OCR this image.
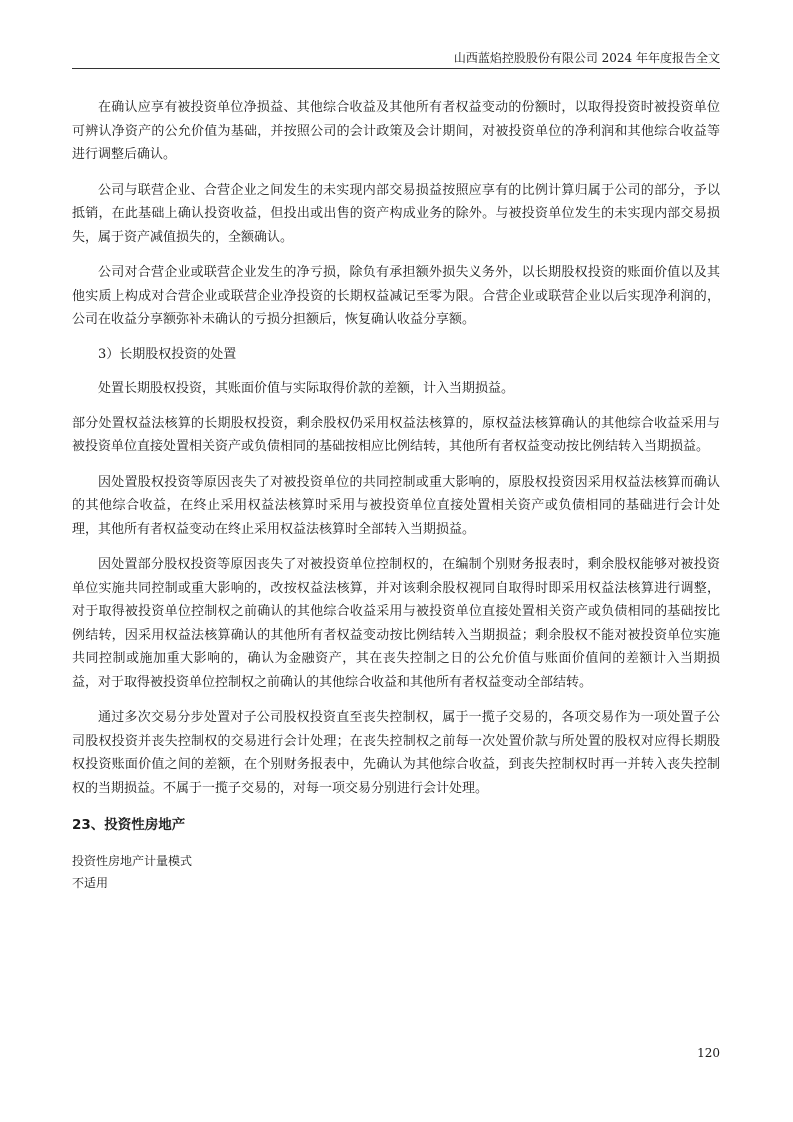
山西蓝焰控股股份有限公司 2024 年年度报告全文

在确认应享有被投资单位净损益、其他综合收益及其他所有者权益变动的份额时，以取得投资时被投资单位可辨认净资产的公允价值为基础，并按照公司的会计政策及会计期间，对被投资单位的净利润和其他综合收益等进行调整后确认。

公司与联营企业、合营企业之间发生的未实现内部交易损益按照应享有的比例计算归属于公司的部分，予以抵销，在此基础上确认投资收益，但投出或出售的资产构成业务的除外。与被投资单位发生的未实现内部交易损失，属于资产减值损失的，全额确认。

公司对合营企业或联营企业发生的净亏损，除负有承担额外损失义务外，以长期股权投资的账面价值以及其他实质上构成对合营企业或联营企业净投资的长期权益减记至零为限。合营企业或联营企业以后实现净利润的，公司在收益分享额弥补未确认的亏损分担额后，恢复确认收益分享额。

3）长期股权投资的处置

处置长期股权投资，其账面价值与实际取得价款的差额，计入当期损益。

部分处置权益法核算的长期股权投资，剩余股权仍采用权益法核算的，原权益法核算确认的其他综合收益采用与被投资单位直接处置相关资产或负债相同的基础按相应比例结转，其他所有者权益变动按比例结转入当期损益。

因处置股权投资等原因丧失了对被投资单位的共同控制或重大影响的，原股权投资因采用权益法核算而确认的其他综合收益，在终止采用权益法核算时采用与被投资单位直接处置相关资产或负债相同的基础进行会计处理，其他所有者权益变动在终止采用权益法核算时全部转入当期损益。

因处置部分股权投资等原因丧失了对被投资单位控制权的，在编制个别财务报表时，剩余股权能够对被投资单位实施共同控制或重大影响的，改按权益法核算，并对该剩余股权视同自取得时即采用权益法核算进行调整，对于取得被投资单位控制权之前确认的其他综合收益采用与被投资单位直接处置相关资产或负债相同的基础按比例结转，因采用权益法核算确认的其他所有者权益变动按比例结转入当期损益；剩余股权不能对被投资单位实施共同控制或施加重大影响的，确认为金融资产，其在丧失控制之日的公允价值与账面价值间的差额计入当期损益，对于取得被投资单位控制权之前确认的其他综合收益和其他所有者权益变动全部结转。

通过多次交易分步处置对子公司股权投资直至丧失控制权，属于一揽子交易的，各项交易作为一项处置子公司股权投资并丧失控制权的交易进行会计处理；在丧失控制权之前每一次处置价款与所处置的股权对应得长期股权投资账面价值之间的差额，在个别财务报表中，先确认为其他综合收益，到丧失控制权时再一并转入丧失控制权的当期损益。不属于一揽子交易的，对每一项交易分别进行会计处理。

23、投资性房地产

投资性房地产计量模式

不适用

120
